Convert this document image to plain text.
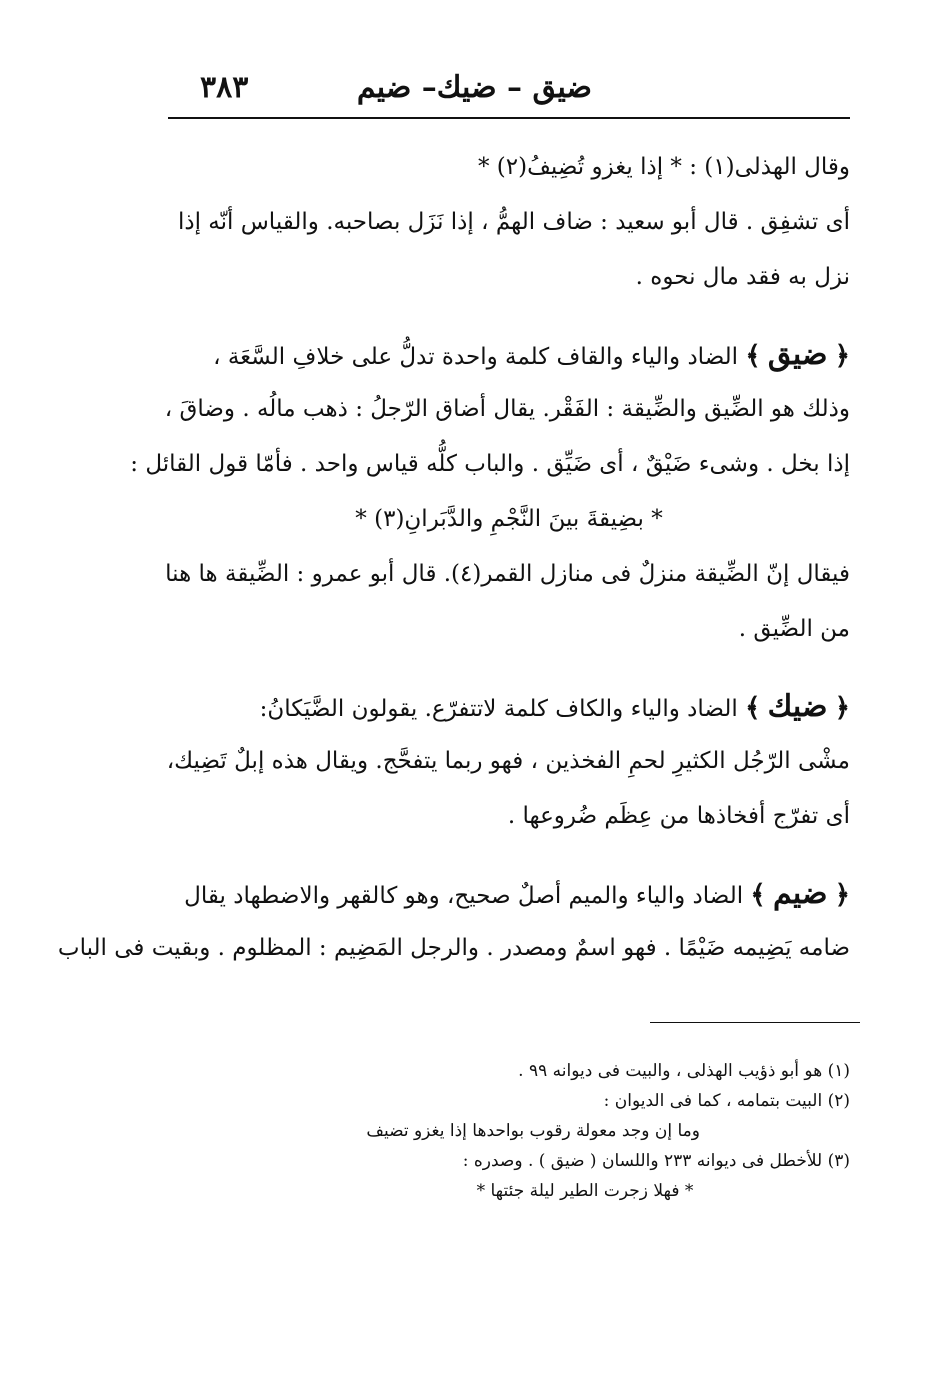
ضيق – ضيك– ضيم
٣٨٣
وقال الهذلى(١) : * إذا يغزو تُضِيفُ(٢) *
أى تشفِق . قال أبو سعيد : ضاف الهمُّ ، إذا نَزَل بصاحبه. والقياس أنّه إذا
نزل به فقد مال نحوه .
﴿ ضيق ﴾ الضاد والياء والقاف كلمة واحدة تدلُّ على خلافِ السَّعَة ،
وذلك هو الضِّيق والضِّيقة : الفَقْر. يقال أضاق الرّجلُ : ذهب مالُه . وضاقَ ،
إذا بخل . وشىء ضَيْقٌ ، أى ضَيِّق . والباب كلُّه قياس واحد . فأمّا قول القائل :
* بضِيقةَ بينَ النَّجْمِ والدَّبَرانِ(٣) *
فيقال إنّ الضِّيقة منزلٌ فى منازل القمر(٤). قال أبو عمرو : الضِّيقة ها هنا
من الضِّيق .
﴿ ضيك ﴾ الضاد والياء والكاف كلمة لاتتفرّع. يقولون الضَّيَكانُ:
مشْى الرّجُل الكثيرِ لحمِ الفخذين ، فهو ربما يتفحَّج. ويقال هذه إبلٌ تَضِيك،
أى تفرّج أفخاذها من عِظَم ضُروعها .
﴿ ضيم ﴾ الضاد والياء والميم أصلٌ صحيح، وهو كالقهر والاضطهاد يقال
ضامه يَضِيمه ضَيْمًا . فهو اسمٌ ومصدر . والرجل المَضِيم : المظلوم . وبقيت فى الباب
(١) هو أبو ذؤيب الهذلى ، والبيت فى ديوانه ٩٩ .
(٢) البيت بتمامه ، كما فى الديوان :
وما إن وجد معولة رقوب بواحدها إذا يغزو تضيف
(٣) للأخطل فى ديوانه ٢٣٣ واللسان ( ضيق ) . وصدره :
* فهلا زجرت الطير ليلة جئتها *
